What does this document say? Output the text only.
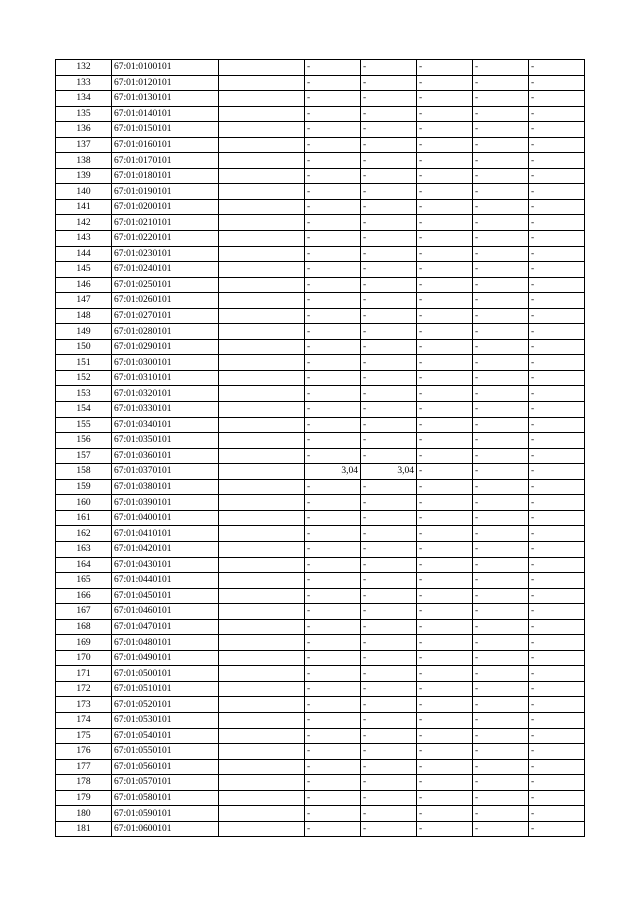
132	67:01:0100101		-	-	-	-	-
133	67:01:0120101		-	-	-	-	-
134	67:01:0130101		-	-	-	-	-
135	67:01:0140101		-	-	-	-	-
136	67:01:0150101		-	-	-	-	-
137	67:01:0160101		-	-	-	-	-
138	67:01:0170101		-	-	-	-	-
139	67:01:0180101		-	-	-	-	-
140	67:01:0190101		-	-	-	-	-
141	67:01:0200101		-	-	-	-	-
142	67:01:0210101		-	-	-	-	-
143	67:01:0220101		-	-	-	-	-
144	67:01:0230101		-	-	-	-	-
145	67:01:0240101		-	-	-	-	-
146	67:01:0250101		-	-	-	-	-
147	67:01:0260101		-	-	-	-	-
148	67:01:0270101		-	-	-	-	-
149	67:01:0280101		-	-	-	-	-
150	67:01:0290101		-	-	-	-	-
151	67:01:0300101		-	-	-	-	-
152	67:01:0310101		-	-	-	-	-
153	67:01:0320101		-	-	-	-	-
154	67:01:0330101		-	-	-	-	-
155	67:01:0340101		-	-	-	-	-
156	67:01:0350101		-	-	-	-	-
157	67:01:0360101		-	-	-	-	-
158	67:01:0370101		3,04	3,04	-	-	-
159	67:01:0380101		-	-	-	-	-
160	67:01:0390101		-	-	-	-	-
161	67:01:0400101		-	-	-	-	-
162	67:01:0410101		-	-	-	-	-
163	67:01:0420101		-	-	-	-	-
164	67:01:0430101		-	-	-	-	-
165	67:01:0440101		-	-	-	-	-
166	67:01:0450101		-	-	-	-	-
167	67:01:0460101		-	-	-	-	-
168	67:01:0470101		-	-	-	-	-
169	67:01:0480101		-	-	-	-	-
170	67:01:0490101		-	-	-	-	-
171	67:01:0500101		-	-	-	-	-
172	67:01:0510101		-	-	-	-	-
173	67:01:0520101		-	-	-	-	-
174	67:01:0530101		-	-	-	-	-
175	67:01:0540101		-	-	-	-	-
176	67:01:0550101		-	-	-	-	-
177	67:01:0560101		-	-	-	-	-
178	67:01:0570101		-	-	-	-	-
179	67:01:0580101		-	-	-	-	-
180	67:01:0590101		-	-	-	-	-
181	67:01:0600101		-	-	-	-	-
